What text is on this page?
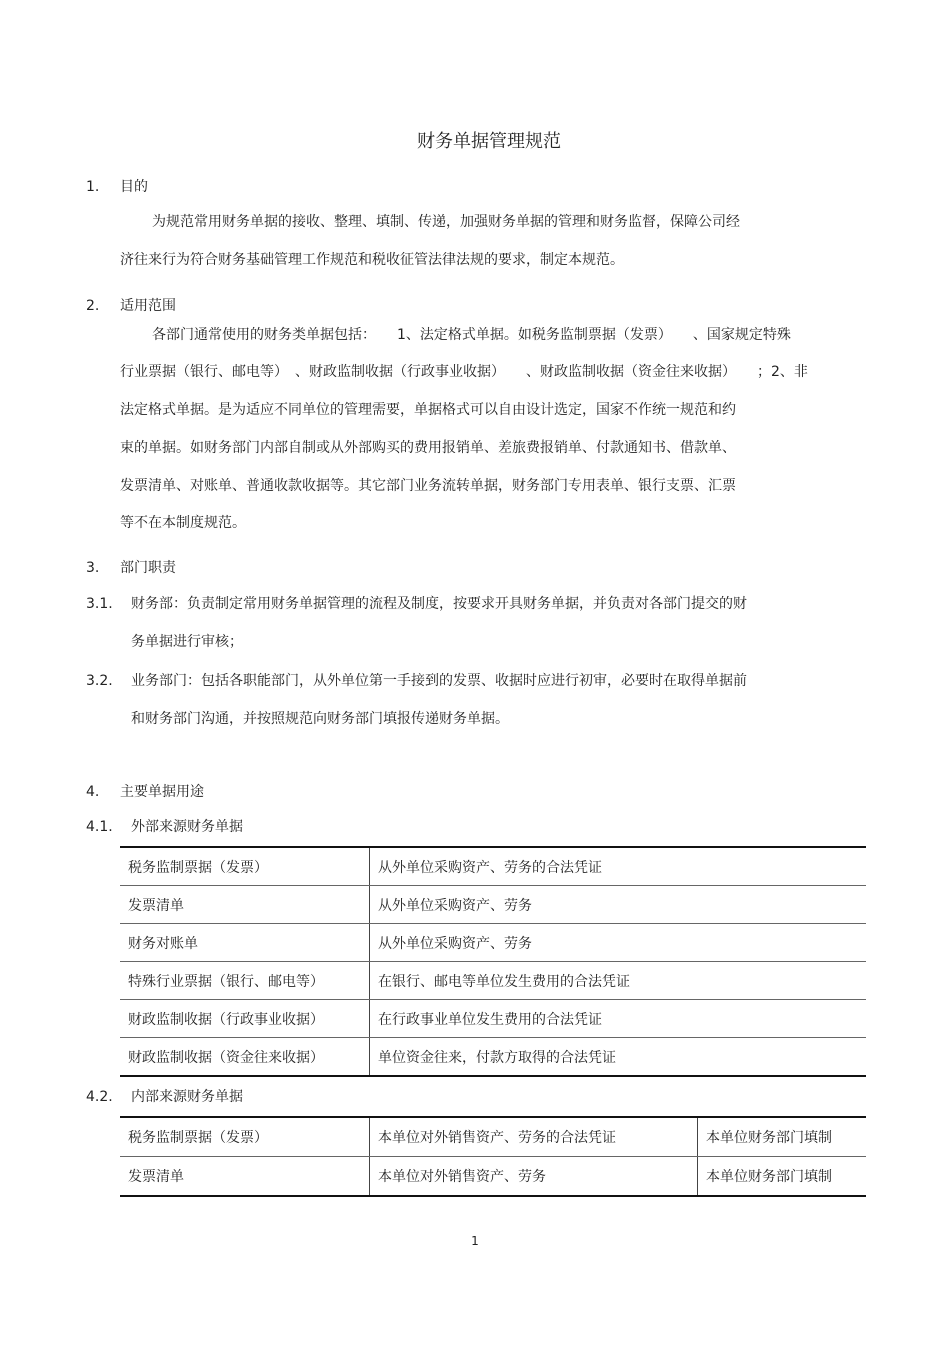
财务单据管理规范
1. 目的
为规范常用财务单据的接收、整理、填制、传递，加强财务单据的管理和财务监督，保障公司经
济往来行为符合财务基础管理工作规范和税收征管法律法规的要求，制定本规范。
2. 适用范围
各部门通常使用的财务类单据包括：　　1、法定格式单据。如税务监制票据（发票）　　、国家规定特殊
行业票据（银行、邮电等）　、财政监制收据（行政事业收据）　　、财政监制收据（资金往来收据）　　；2、非
法定格式单据。是为适应不同单位的管理需要，单据格式可以自由设计选定，国家不作统一规范和约
束的单据。如财务部门内部自制或从外部购买的费用报销单、差旅费报销单、付款通知书、借款单、
发票清单、对账单、普通收款收据等。其它部门业务流转单据，财务部门专用表单、银行支票、汇票
等不在本制度规范。
3. 部门职责
3.1. 财务部：负责制定常用财务单据管理的流程及制度，按要求开具财务单据，并负责对各部门提交的财
务单据进行审核；
3.2. 业务部门：包括各职能部门，从外单位第一手接到的发票、收据时应进行初审，必要时在取得单据前
和财务部门沟通，并按照规范向财务部门填报传递财务单据。
4. 主要单据用途
4.1. 外部来源财务单据
税务监制票据（发票）	从外单位采购资产、劳务的合法凭证
发票清单	从外单位采购资产、劳务
财务对账单	从外单位采购资产、劳务
特殊行业票据（银行、邮电等）	在银行、邮电等单位发生费用的合法凭证
财政监制收据（行政事业收据）	在行政事业单位发生费用的合法凭证
财政监制收据（资金往来收据）	单位资金往来，付款方取得的合法凭证
4.2. 内部来源财务单据
税务监制票据（发票）	本单位对外销售资产、劳务的合法凭证	本单位财务部门填制
发票清单	本单位对外销售资产、劳务	本单位财务部门填制
1
